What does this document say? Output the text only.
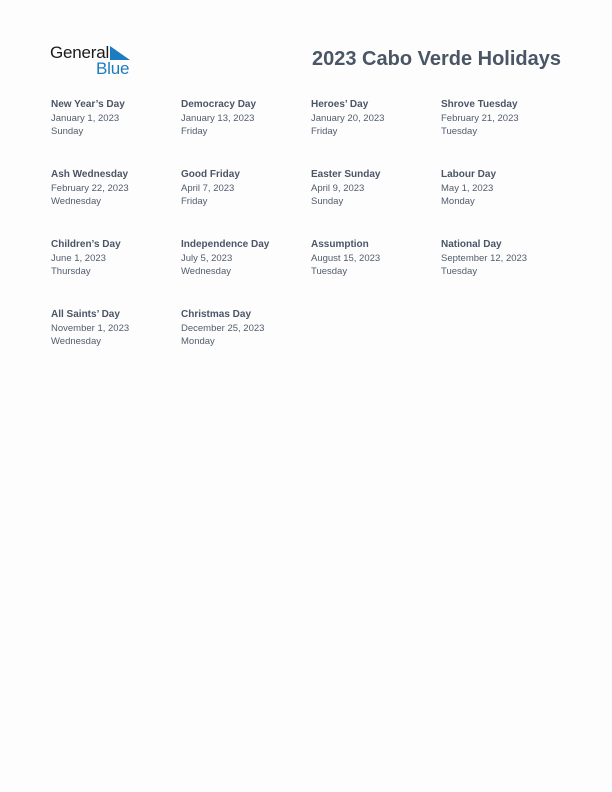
General
Blue	2023 Cabo Verde Holidays
New Year’s Day
January 1, 2023
Sunday
Democracy Day
January 13, 2023
Friday
Heroes’ Day
January 20, 2023
Friday
Shrove Tuesday
February 21, 2023
Tuesday
Ash Wednesday
February 22, 2023
Wednesday
Good Friday
April 7, 2023
Friday
Easter Sunday
April 9, 2023
Sunday
Labour Day
May 1, 2023
Monday
Children’s Day
June 1, 2023
Thursday
Independence Day
July 5, 2023
Wednesday
Assumption
August 15, 2023
Tuesday
National Day
September 12, 2023
Tuesday
All Saints’ Day
November 1, 2023
Wednesday
Christmas Day
December 25, 2023
Monday
